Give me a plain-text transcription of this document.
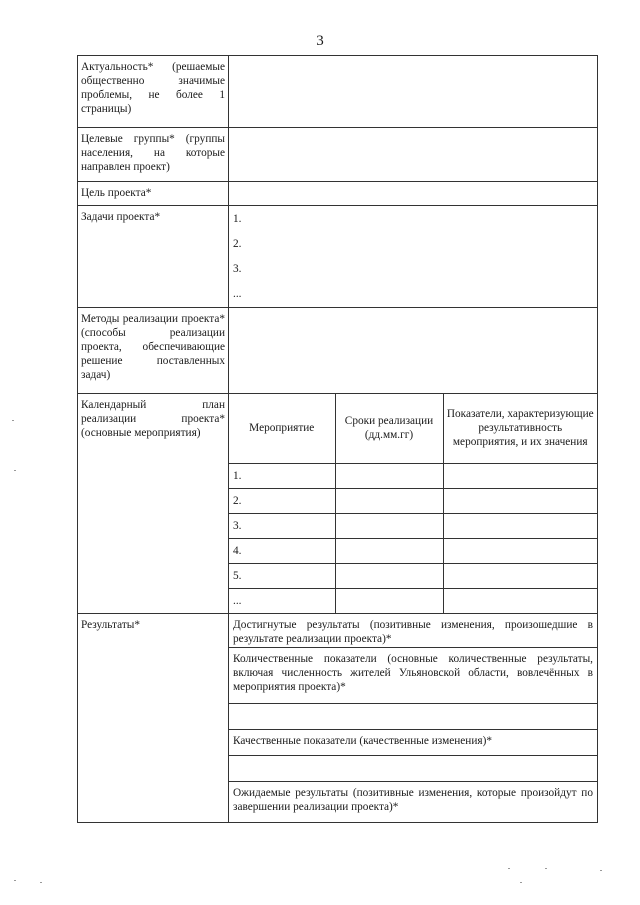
3
Актуальность* (решаемые общественно значимые проблемы, не более 1 страницы)	
Целевые группы* (группы населения, на которые направлен проект)	
Цель проекта*	
Задачи проекта*	1.
2.
3.
...

Методы реализации проекта* (способы реализации проекта, обеспечивающие решение поставленных задач)	
Календарный план реализации проекта* (основные мероприятия)		Мероприятие	Сроки реализации (дд.мм.гг)	Показатели, характеризующие результативность мероприятия, и их значения
1.		
2.		
3.		
4.		
5.		
...		

Результаты*	Достигнутые результаты (позитивные изменения, произошедшие в результате реализации проекта)*
Количественные показатели (основные количественные результаты, включая численность жителей Ульяновской области, вовлечённых в мероприятия проекта)*
Качественные показатели (качественные изменения)*
Ожидаемые результаты (позитивные изменения, которые произойдут по завершении реализации проекта)*
